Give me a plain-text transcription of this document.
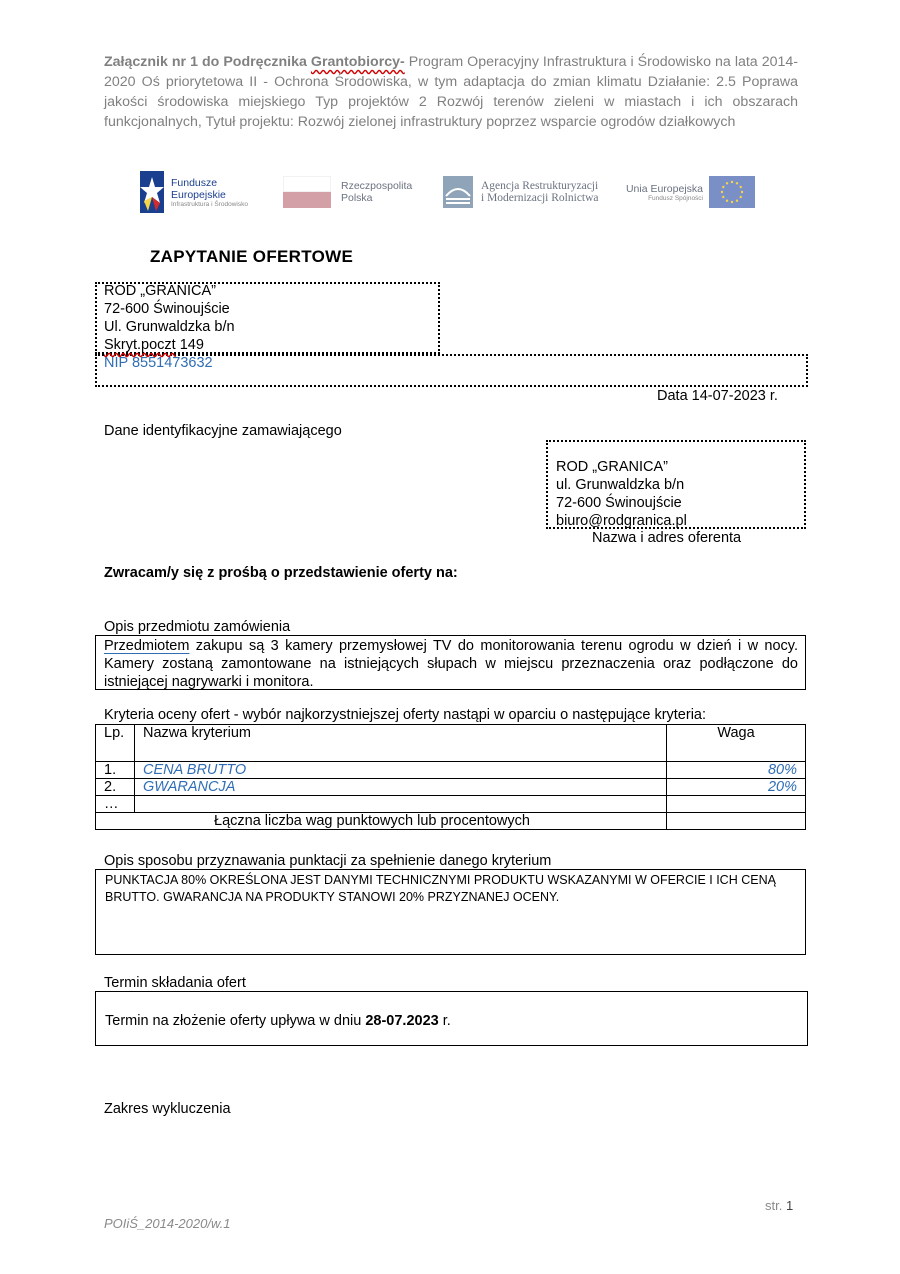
Załącznik nr 1 do Podręcznika Grantobiorcy- Program Operacyjny Infrastruktura i Środowisko na lata 2014-2020 Oś priorytetowa II - Ochrona Środowiska, w tym adaptacja do zmian klimatu Działanie: 2.5 Poprawa jakości środowiska miejskiego Typ projektów 2 Rozwój terenów zieleni w miastach i ich obszarach funkcjonalnych, Tytuł projektu: Rozwój zielonej infrastruktury poprzez wsparcie ogrodów działkowych
Fundusze
Europejskie
Infrastruktura i Środowisko
Rzeczpospolita
Polska
Agencja Restrukturyzacji
i Modernizacji Rolnictwa
Unia Europejska
Fundusz Spójności
ZAPYTANIE OFERTOWE
ROD „GRANICA”
72-600 Świnoujście
Ul. Grunwaldzka b/n
Skryt.poczt 149
NIP 8551473632
Data 14-07-2023 r.
Dane identyfikacyjne zamawiającego
ROD „GRANICA”
ul. Grunwaldzka b/n
72-600 Świnoujście
biuro@rodgranica.pl
Nazwa i adres oferenta
Zwracam/y się z prośbą o przedstawienie oferty na:
Opis przedmiotu zamówienia
Przedmiotem zakupu są 3 kamery przemysłowej TV do monitorowania terenu ogrodu w dzień i w nocy. Kamery zostaną zamontowane na istniejących słupach w miejscu przeznaczenia oraz podłączone do istniejącej nagrywarki i monitora.
Kryteria oceny ofert - wybór najkorzystniejszej oferty nastąpi w oparciu o następujące kryteria:
Lp.	Nazwa kryterium	Waga
1.	CENA BRUTTO	80%
2.	GWARANCJA	20%
…		
Łączna liczba wag punktowych lub procentowych		
Opis sposobu przyznawania punktacji za spełnienie danego kryterium
PUNKTACJA 80% OKREŚLONA JEST DANYMI TECHNICZNYMI PRODUKTU WSKAZANYMI W OFERCIE I ICH CENĄ BRUTTO. GWARANCJA NA PRODUKTY STANOWI 20% PRZYZNANEJ OCENY.
Termin składania ofert
Termin na złożenie oferty upływa w dniu 28-07.2023 r.
Zakres wykluczenia
str. 1
POIiŚ_2014-2020/w.1
